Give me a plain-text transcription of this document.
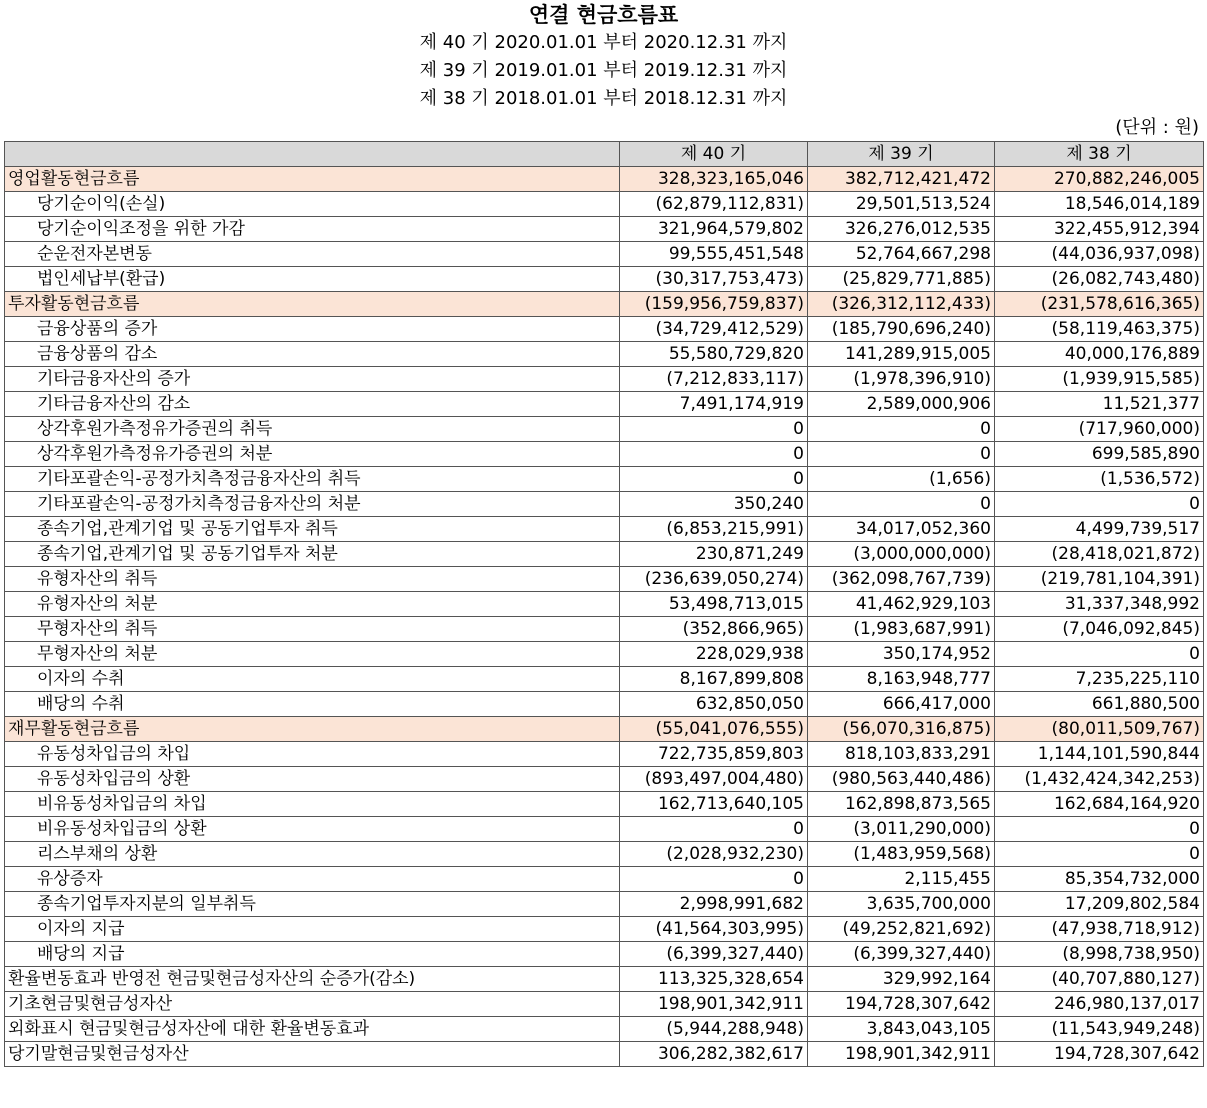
연결 현금흐름표
제 40 기 2020.01.01 부터 2020.12.31 까지
제 39 기 2019.01.01 부터 2019.12.31 까지
제 38 기 2018.01.01 부터 2018.12.31 까지
(단위 : 원)
	제 40 기	제 39 기	제 38 기
영업활동현금흐름	328,323,165,046	382,712,421,472	270,882,246,005
당기순이익(손실)	(62,879,112,831)	29,501,513,524	18,546,014,189
당기순이익조정을 위한 가감	321,964,579,802	326,276,012,535	322,455,912,394
순운전자본변동	99,555,451,548	52,764,667,298	(44,036,937,098)
법인세납부(환급)	(30,317,753,473)	(25,829,771,885)	(26,082,743,480)
투자활동현금흐름	(159,956,759,837)	(326,312,112,433)	(231,578,616,365)
금융상품의 증가	(34,729,412,529)	(185,790,696,240)	(58,119,463,375)
금융상품의 감소	55,580,729,820	141,289,915,005	40,000,176,889
기타금융자산의 증가	(7,212,833,117)	(1,978,396,910)	(1,939,915,585)
기타금융자산의 감소	7,491,174,919	2,589,000,906	11,521,377
상각후원가측정유가증권의 취득	0	0	(717,960,000)
상각후원가측정유가증권의 처분	0	0	699,585,890
기타포괄손익-공정가치측정금융자산의 취득	0	(1,656)	(1,536,572)
기타포괄손익-공정가치측정금융자산의 처분	350,240	0	0
종속기업,관계기업 및 공동기업투자 취득	(6,853,215,991)	34,017,052,360	4,499,739,517
종속기업,관계기업 및 공동기업투자 처분	230,871,249	(3,000,000,000)	(28,418,021,872)
유형자산의 취득	(236,639,050,274)	(362,098,767,739)	(219,781,104,391)
유형자산의 처분	53,498,713,015	41,462,929,103	31,337,348,992
무형자산의 취득	(352,866,965)	(1,983,687,991)	(7,046,092,845)
무형자산의 처분	228,029,938	350,174,952	0
이자의 수취	8,167,899,808	8,163,948,777	7,235,225,110
배당의 수취	632,850,050	666,417,000	661,880,500
재무활동현금흐름	(55,041,076,555)	(56,070,316,875)	(80,011,509,767)
유동성차입금의 차입	722,735,859,803	818,103,833,291	1,144,101,590,844
유동성차입금의 상환	(893,497,004,480)	(980,563,440,486)	(1,432,424,342,253)
비유동성차입금의 차입	162,713,640,105	162,898,873,565	162,684,164,920
비유동성차입금의 상환	0	(3,011,290,000)	0
리스부채의 상환	(2,028,932,230)	(1,483,959,568)	0
유상증자	0	2,115,455	85,354,732,000
종속기업투자지분의 일부취득	2,998,991,682	3,635,700,000	17,209,802,584
이자의 지급	(41,564,303,995)	(49,252,821,692)	(47,938,718,912)
배당의 지급	(6,399,327,440)	(6,399,327,440)	(8,998,738,950)
환율변동효과 반영전 현금및현금성자산의 순증가(감소)	113,325,328,654	329,992,164	(40,707,880,127)
기초현금및현금성자산	198,901,342,911	194,728,307,642	246,980,137,017
외화표시 현금및현금성자산에 대한 환율변동효과	(5,944,288,948)	3,843,043,105	(11,543,949,248)
당기말현금및현금성자산	306,282,382,617	198,901,342,911	194,728,307,642
